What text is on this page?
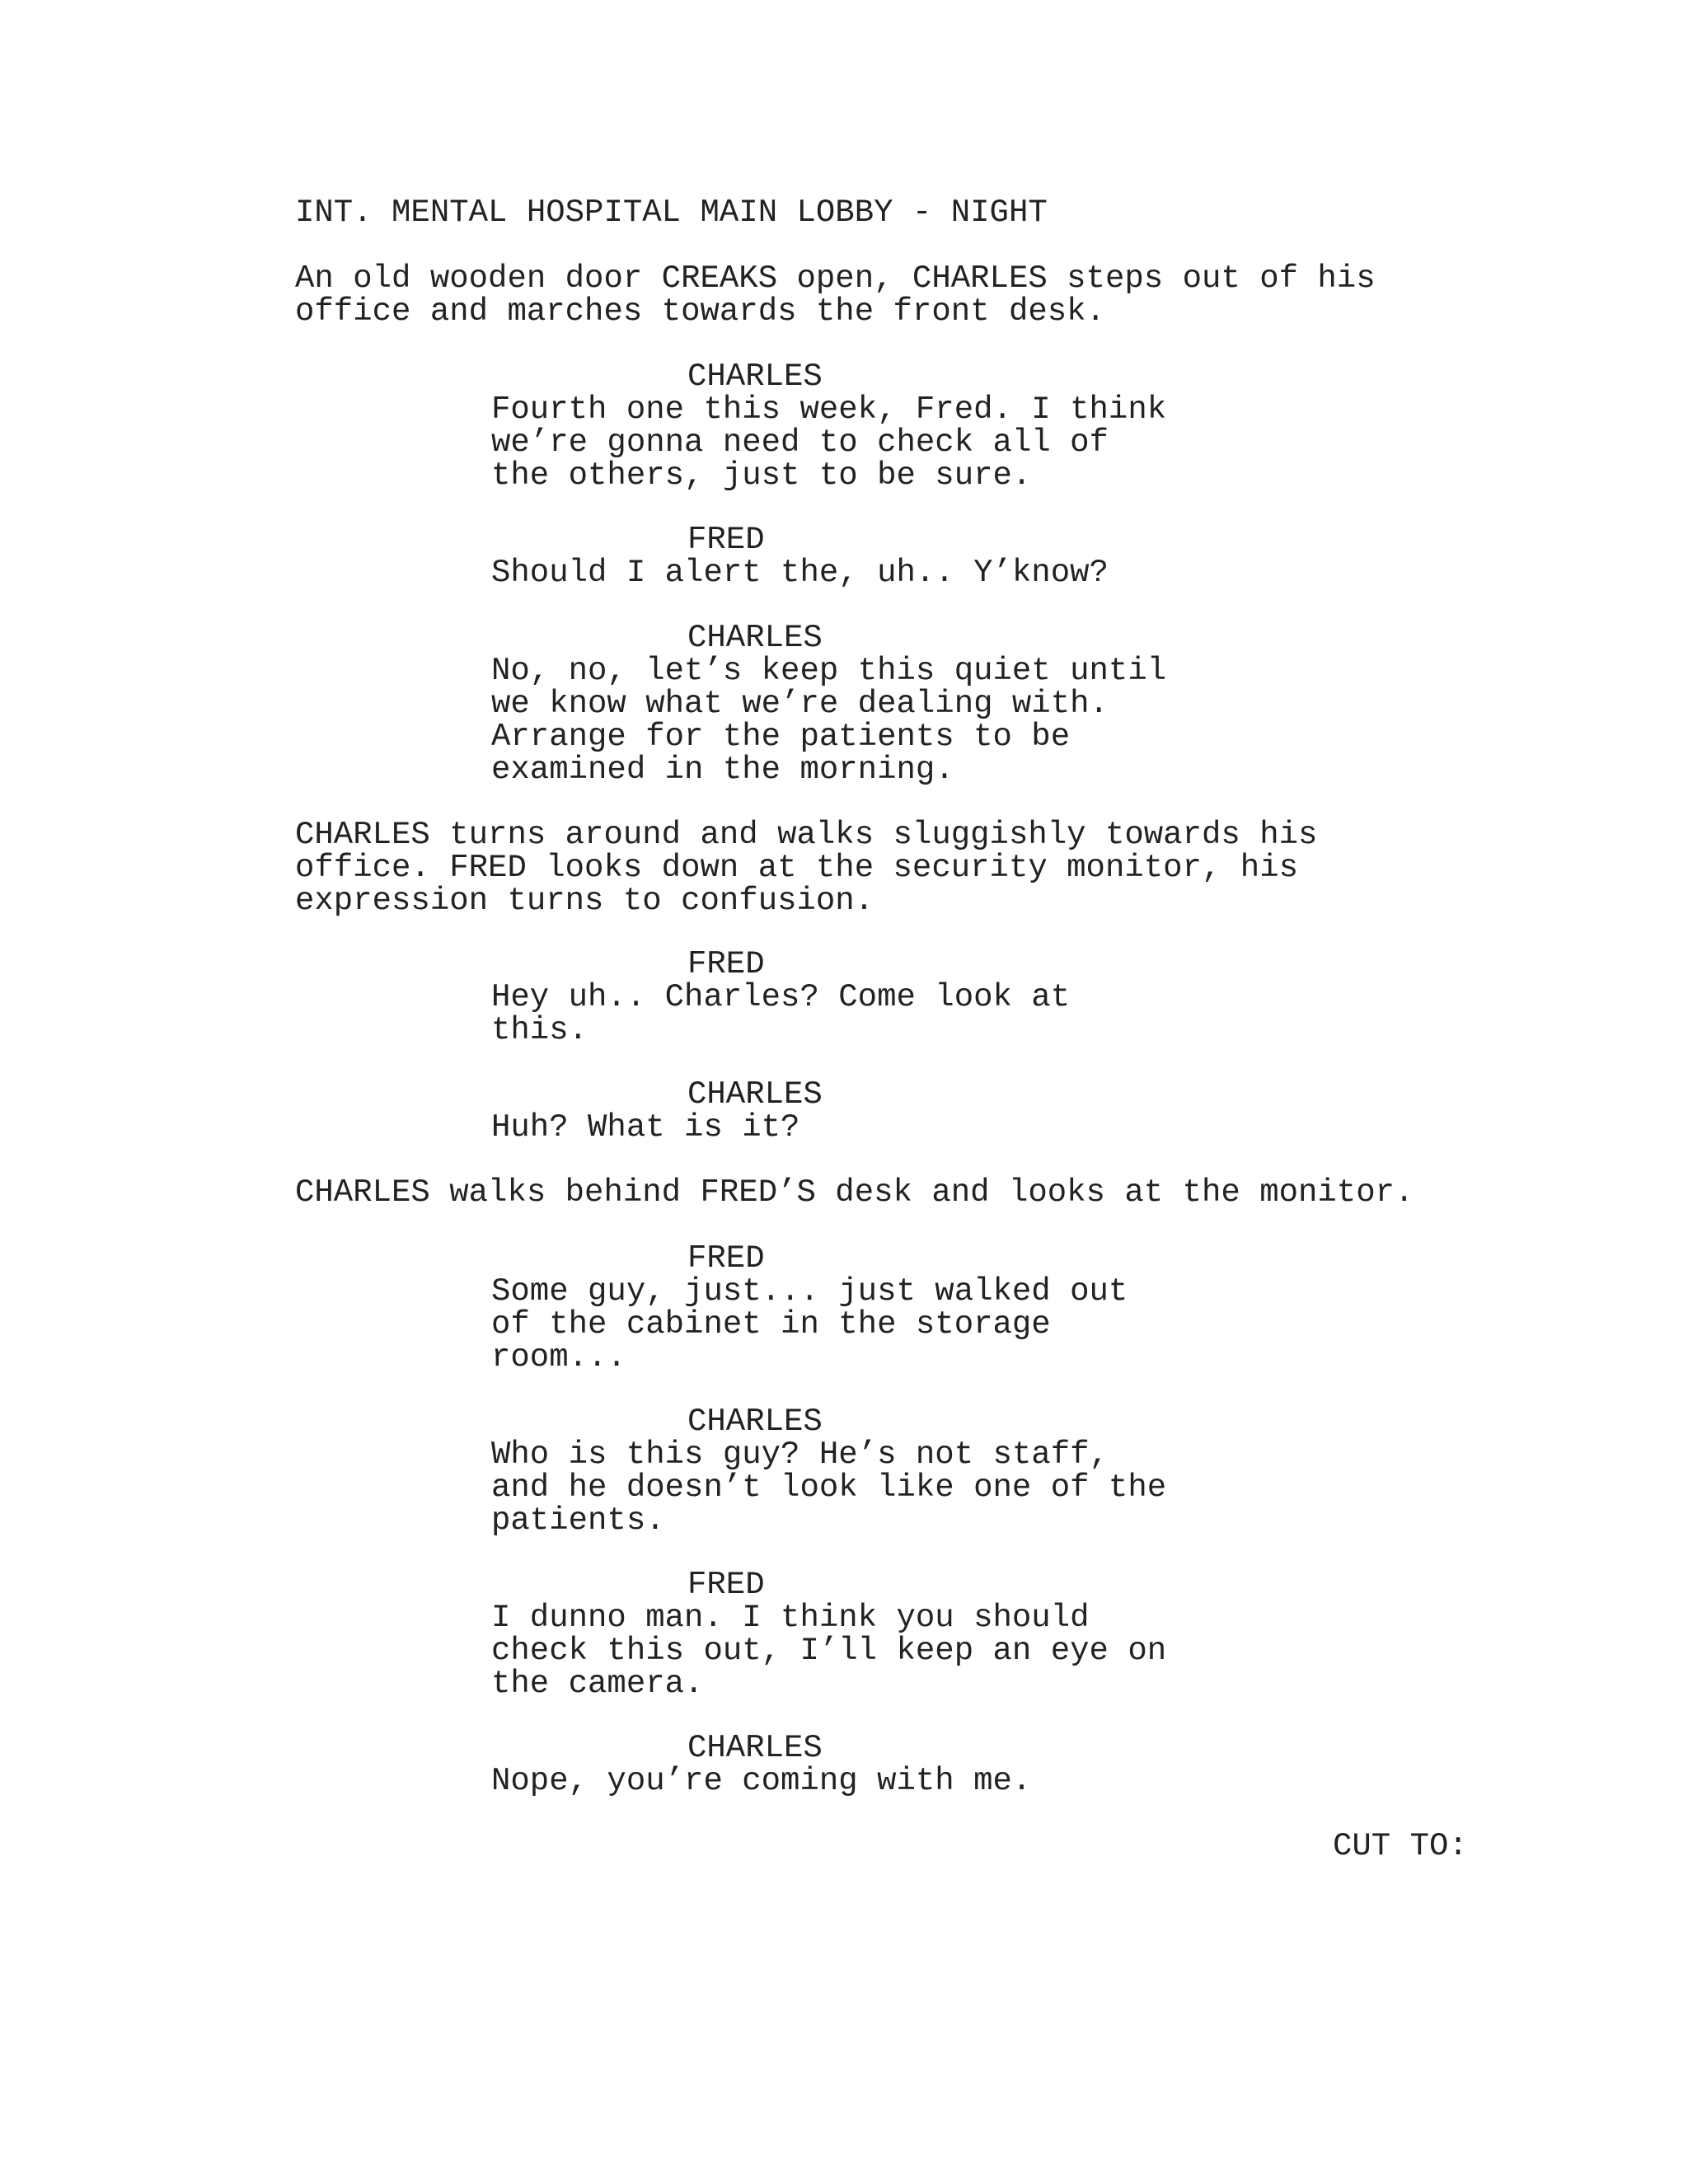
INT. MENTAL HOSPITAL MAIN LOBBY - NIGHT

An old wooden door CREAKS open, CHARLES steps out of his
office and marches towards the front desk.

CHARLES

Fourth one this week, Fred. I think
we’re gonna need to check all of
the others, just to be sure.

FRED

Should I alert the, uh.. Y’know?

CHARLES

No, no, let’s keep this quiet until
we know what we’re dealing with.
Arrange for the patients to be
examined in the morning.

CHARLES turns around and walks sluggishly towards his
office. FRED looks down at the security monitor, his
expression turns to confusion.

FRED

Hey uh.. Charles? Come look at
this.

CHARLES

Huh? What is it?

CHARLES walks behind FRED’S desk and looks at the monitor.

FRED

Some guy, just... just walked out
of the cabinet in the storage
room...

CHARLES

Who is this guy? He’s not staff,
and he doesn’t look like one of the
patients.

FRED

I dunno man. I think you should
check this out, I’ll keep an eye on
the camera.

CHARLES

Nope, you’re coming with me.

CUT TO:
